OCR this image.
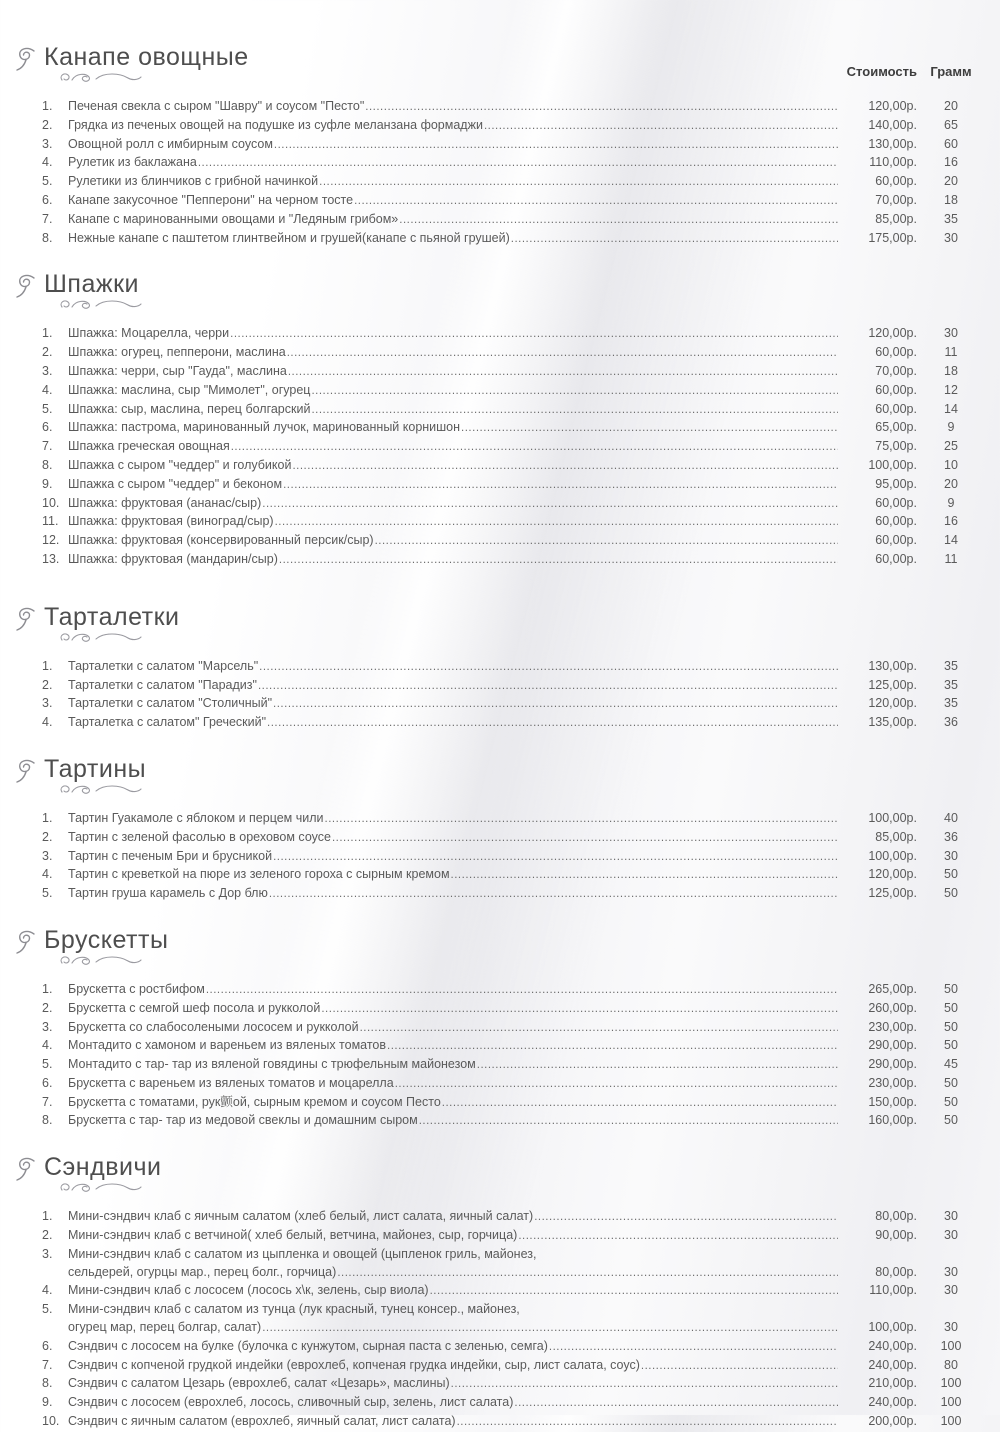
Стоимость	Грамм
Канапе овощные
1.	Печеная свекла с сыром "Шавру" и соусом "Песто" .....	120,00р.	20
2.	Грядка из печеных овощей на подушке из суфле меланзана формаджи .....	140,00р.	65
3.	Овощной ролл с имбирным соусом .....	130,00р.	60
4.	Рулетик из баклажана .....	110,00р.	16
5.	Рулетики из блинчиков с грибной начинкой .....	60,00р.	20
6.	Канапе закусочное "Пепперони" на черном тосте .....	70,00р.	18
7.	Канапе с маринованными овощами и "Ледяным грибом» .....	85,00р.	35
8.	Нежные канапе с паштетом глинтвейном и грушей(канапе с пьяной грушей) .....	175,00р.	30
Шпажки
1.	Шпажка: Моцарелла, черри .....	120,00р.	30
2.	Шпажка: огурец, пепперони, маслина .....	60,00р.	11
3.	Шпажка: черри, сыр "Гауда", маслина .....	70,00р.	18
4.	Шпажка: маслина, сыр "Мимолет", огурец .....	60,00р.	12
5.	Шпажка: сыр, маслина, перец болгарский .....	60,00р.	14
6.	Шпажка: пастрома, маринованный лучок, маринованный корнишон .....	65,00р.	9
7.	Шпажка греческая овощная .....	75,00р.	25
8.	Шпажка с сыром "чеддер" и голубикой .....	100,00р.	10
9.	Шпажка с сыром "чеддер" и беконом .....	95,00р.	20
10. Шпажка: фруктовая (ананас/сыр) .....	60,00р.	9
11. Шпажка: фруктовая (виноград/сыр) .....	60,00р.	16
12. Шпажка: фруктовая (консервированный персик/сыр) .....	60,00р.	14
13. Шпажка: фруктовая (мандарин/сыр) .....	60,00р.	11
Тарталетки
1.	Тарталетки с салатом "Марсель" .....	130,00р.	35
2.	Тарталетки с салатом "Парадиз" .....	125,00р.	35
3.	Тарталетки с салатом "Столичный" .....	120,00р.	35
4.	Тарталетка с салатом" Греческий" .....	135,00р.	36
Тартины
1.	Тартин Гуакамоле с яблоком и перцем чили .....	100,00р.	40
2.	Тартин с зеленой фасолью в ореховом соусе .....	85,00р.	36
3.	Тартин с печеным Бри и брусникой .....	100,00р.	30
4.	Тартин с креветкой на пюре из зеленого гороха с сырным кремом .....	120,00р.	50
5.	Тартин груша карамель с Дор блю .....	125,00р.	50
Брускетты
1.	Брускетта с ростбифом .....	265,00р.	50
2.	Брускетта с семгой шеф посола и рукколой .....	260,00р.	50
3.	Брускетта со слабосолеными лососем и рукколой .....	230,00р.	50
4.	Монтадито с хамоном и вареньем из вяленых томатов .....	290,00р.	50
5.	Монтадито с тар- тар из вяленой говядины с трюфельным майонезом .....	290,00р.	45
6.	Брускетта с вареньем из вяленых томатов и моцарелла .....	230,00р.	50
7.	Брускетта с томатами, рук颤ой, сырным кремом и соусом Песто .....	150,00р.	50
8.	Брускетта с тар- тар из медовой свеклы и домашним сыром .....	160,00р.	50
Сэндвичи
1.	Мини-сэндвич клаб с яичным салатом (хлеб белый, лист салата, яичный салат) .....	80,00р.	30
2.	Мини-сэндвич клаб с ветчиной( хлеб белый, ветчина, майонез, сыр, горчица) .....	90,00р.	30
3.	Мини-сэндвич клаб с салатом из цыпленка и овощей (цыпленок гриль, майонез,
сельдерей, огурцы мар., перец болг., горчица) .....	80,00р.	30
4.	Мини-сэндвич клаб с лососем (лосось х\к, зелень, сыр виола) .....	110,00р.	30
5.	Мини-сэндвич клаб с салатом из тунца (лук красный, тунец консер., майонез,
огурец мар, перец болгар, салат) .....	100,00р.	30
6.	Сэндвич с лососем на булке (булочка с кунжутом, сырная паста с зеленью, семга) .....	240,00р.	100
7.	Сэндвич с копченой грудкой индейки (еврохлеб, копченая грудка индейки, сыр, лист салата, соус) .....	240,00р.	80
8.	Сэндвич с салатом Цезарь (еврохлеб, салат «Цезарь», маслины) .....	210,00р.	100
9.	Сэндвич с лососем (еврохлеб, лосось, сливочный сыр, зелень, лист салата) .....	240,00р.	100
10. Сэндвич с яичным салатом (еврохлеб, яичный салат, лист салата) .....	200,00р.	100
